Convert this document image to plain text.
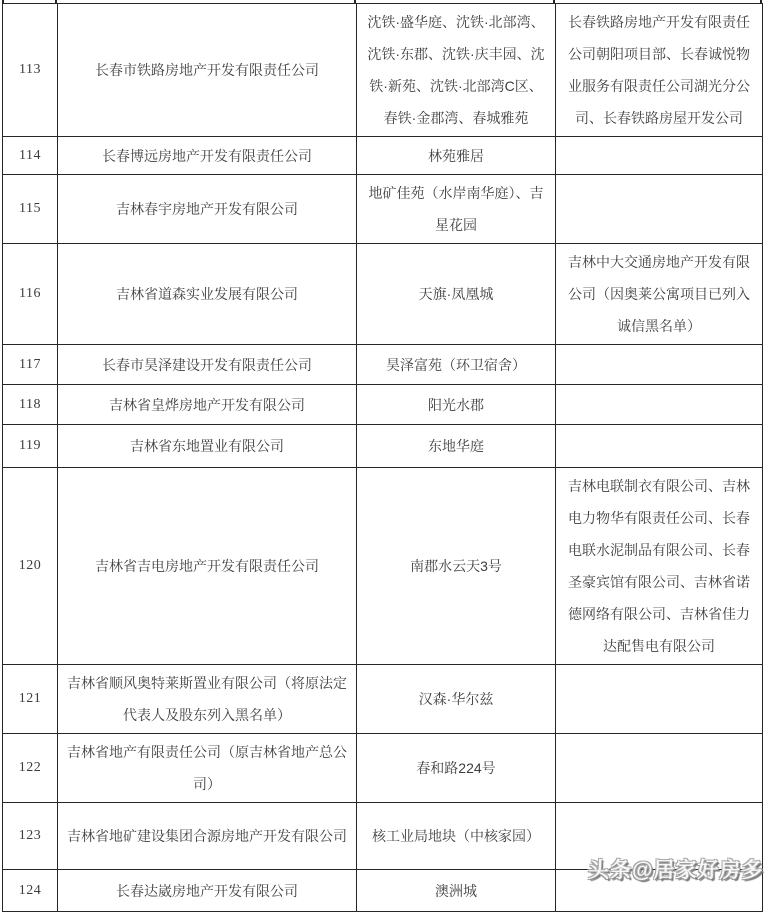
113	长春市铁路房地产开发有限责任公司	沈铁·盛华庭、沈铁·北部湾、沈铁·东郡、沈铁·庆丰园、沈铁·新苑、沈铁·北部湾C区、春铁·金郡湾、春城雅苑	长春铁路房地产开发有限责任公司朝阳项目部、长春诚悦物业服务有限责任公司湖光分公司、长春铁路房屋开发公司
114	长春博远房地产开发有限责任公司	林苑雅居	
115	吉林春宇房地产开发有限公司	地矿佳苑（水岸南华庭）、吉星花园	
116	吉林省道森实业发展有限公司	天旗·凤凰城	吉林中大交通房地产开发有限公司（因奥莱公寓项目已列入诚信黑名单）
117	长春市昊泽建设开发有限责任公司	昊泽富苑（环卫宿舍）	
118	吉林省皇烨房地产开发有限公司	阳光水郡	
119	吉林省东地置业有限公司	东地华庭	
120	吉林省吉电房地产开发有限责任公司	南郡水云天3号	吉林电联制衣有限公司、吉林电力物华有限责任公司、长春电联水泥制品有限公司、长春圣豪宾馆有限公司、吉林省诺德网络有限公司、吉林省佳力达配售电有限公司
121	吉林省顺风奥特莱斯置业有限公司（将原法定代表人及股东列入黑名单）	汉森·华尔兹	
122	吉林省地产有限责任公司（原吉林省地产总公司）	春和路224号	
123	吉林省地矿建设集团合源房地产开发有限公司	核工业局地块（中核家园）	
124	长春达崴房地产开发有限公司	澳洲城	
头条@居家好房多
